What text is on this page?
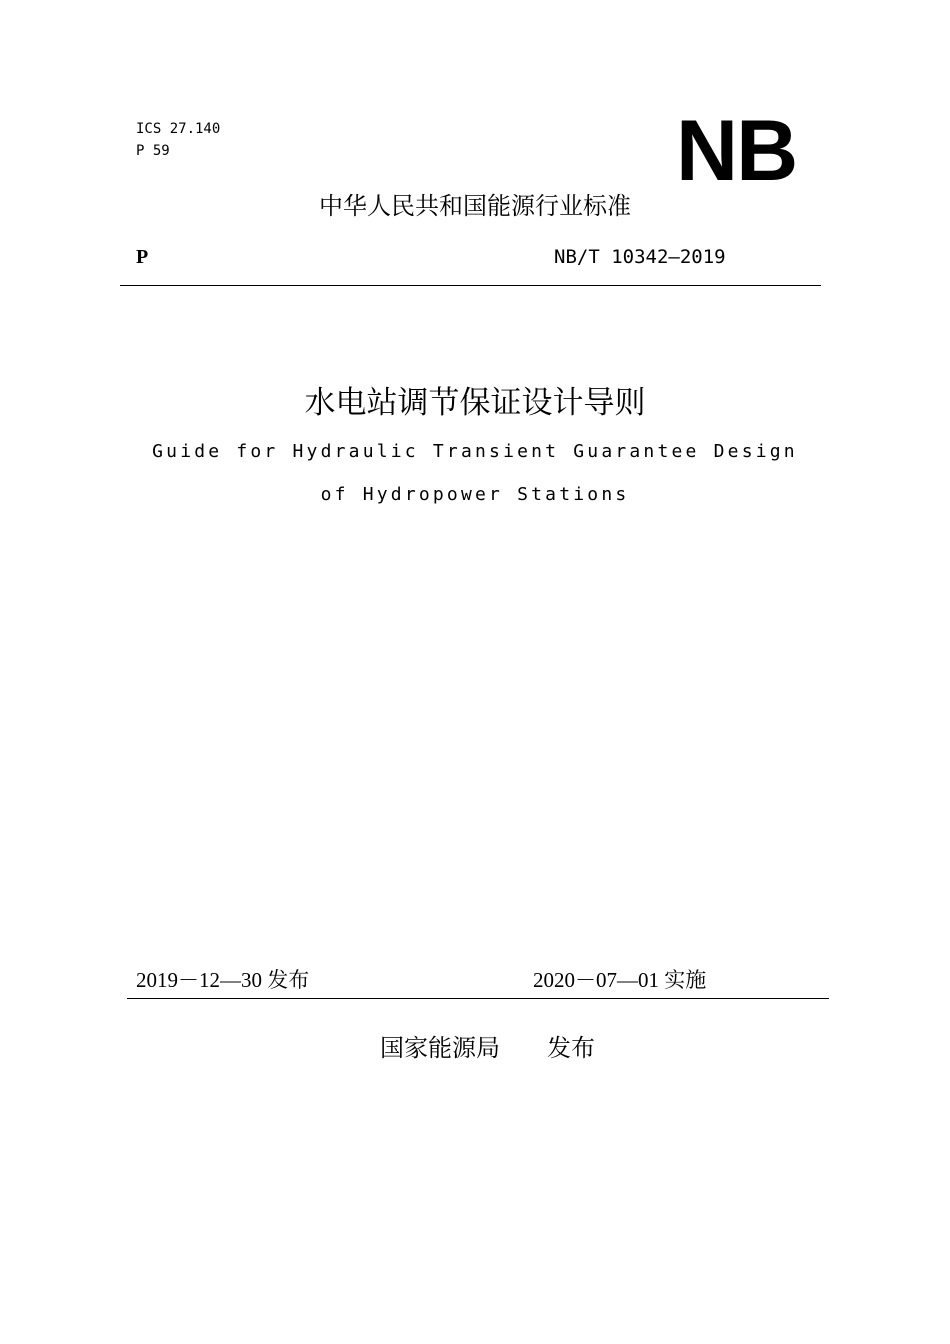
ICS 27.140
P 59	NB
中华人民共和国能源行业标准
P	NB/T 10342—2019
水电站调节保证设计导则
Guide for Hydraulic Transient Guarantee Design
of Hydropower Stations
2019－12—30 发布	2020－07—01 实施
国家能源局 发布
